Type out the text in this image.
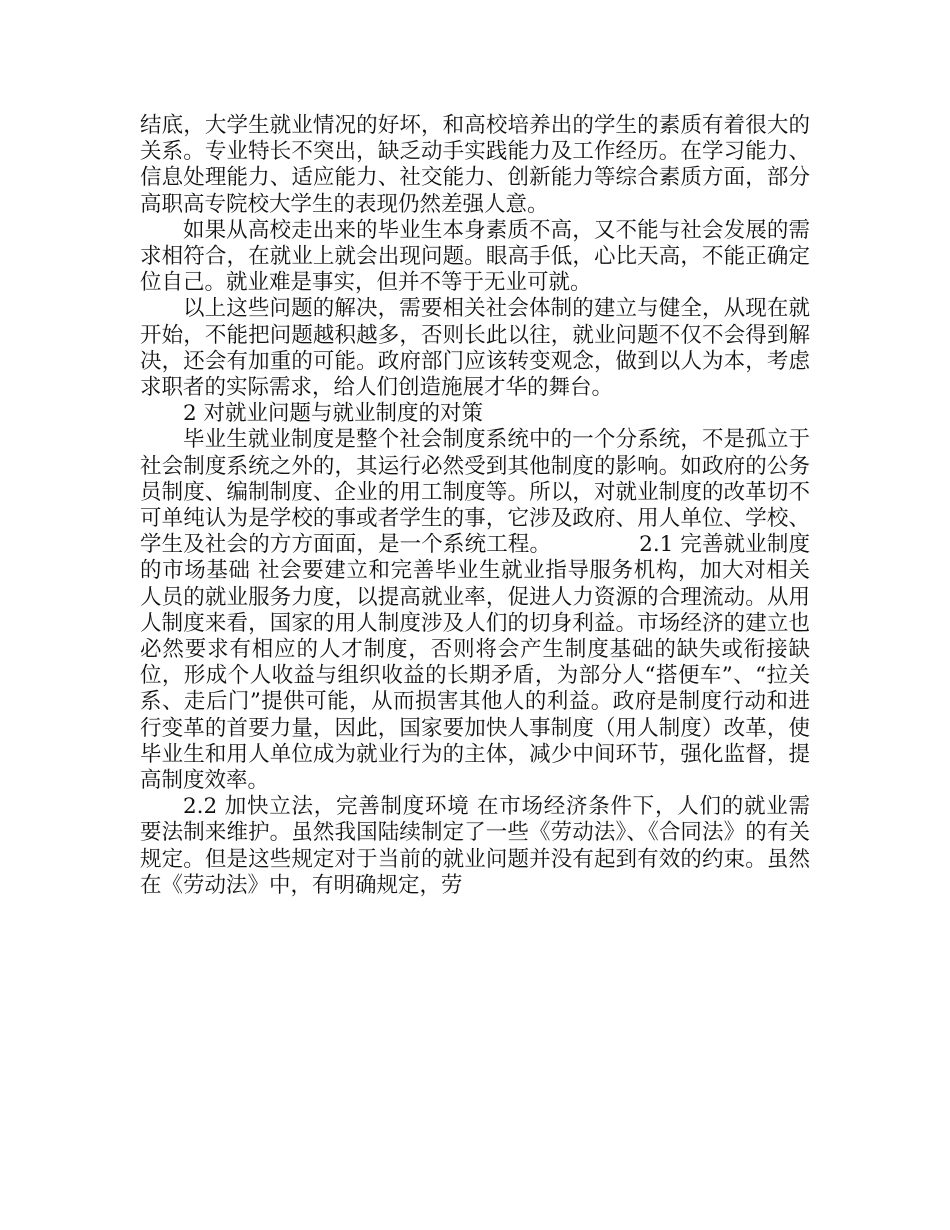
结底，大学生就业情况的好坏，和高校培养出的学生的素质有着很大的关系。专业特长不突出，缺乏动手实践能力及工作经历。在学习能力、信息处理能力、适应能力、社交能力、创新能力等综合素质方面，部分高职高专院校大学生的表现仍然差强人意。

如果从高校走出来的毕业生本身素质不高，又不能与社会发展的需求相符合，在就业上就会出现问题。眼高手低，心比天高，不能正确定位自己。就业难是事实，但并不等于无业可就。

以上这些问题的解决，需要相关社会体制的建立与健全，从现在就开始，不能把问题越积越多，否则长此以往，就业问题不仅不会得到解决，还会有加重的可能。政府部门应该转变观念，做到以人为本，考虑求职者的实际需求，给人们创造施展才华的舞台。

2 对就业问题与就业制度的对策

毕业生就业制度是整个社会制度系统中的一个分系统，不是孤立于社会制度系统之外的，其运行必然受到其他制度的影响。如政府的公务员制度、编制制度、企业的用工制度等。所以，对就业制度的改革切不可单纯认为是学校的事或者学生的事，它涉及政府、用人单位、学校、学生及社会的方方面面，是一个系统工程。	2.1 完善就业制度的市场基础 社会要建立和完善毕业生就业指导服务机构，加大对相关人员的就业服务力度，以提高就业率，促进人力资源的合理流动。从用人制度来看，国家的用人制度涉及人们的切身利益。市场经济的建立也必然要求有相应的人才制度，否则将会产生制度基础的缺失或衔接缺位，形成个人收益与组织收益的长期矛盾，为部分人“搭便车”、“拉关系、走后门”提供可能，从而损害其他人的利益。政府是制度行动和进行变革的首要力量，因此，国家要加快人事制度（用人制度）改革，使毕业生和用人单位成为就业行为的主体，减少中间环节，强化监督，提高制度效率。

2.2 加快立法，完善制度环境 在市场经济条件下，人们的就业需要法制来维护。虽然我国陆续制定了一些《劳动法》、《合同法》的有关规定。但是这些规定对于当前的就业问题并没有起到有效的约束。虽然在《劳动法》中，有明确规定，劳
